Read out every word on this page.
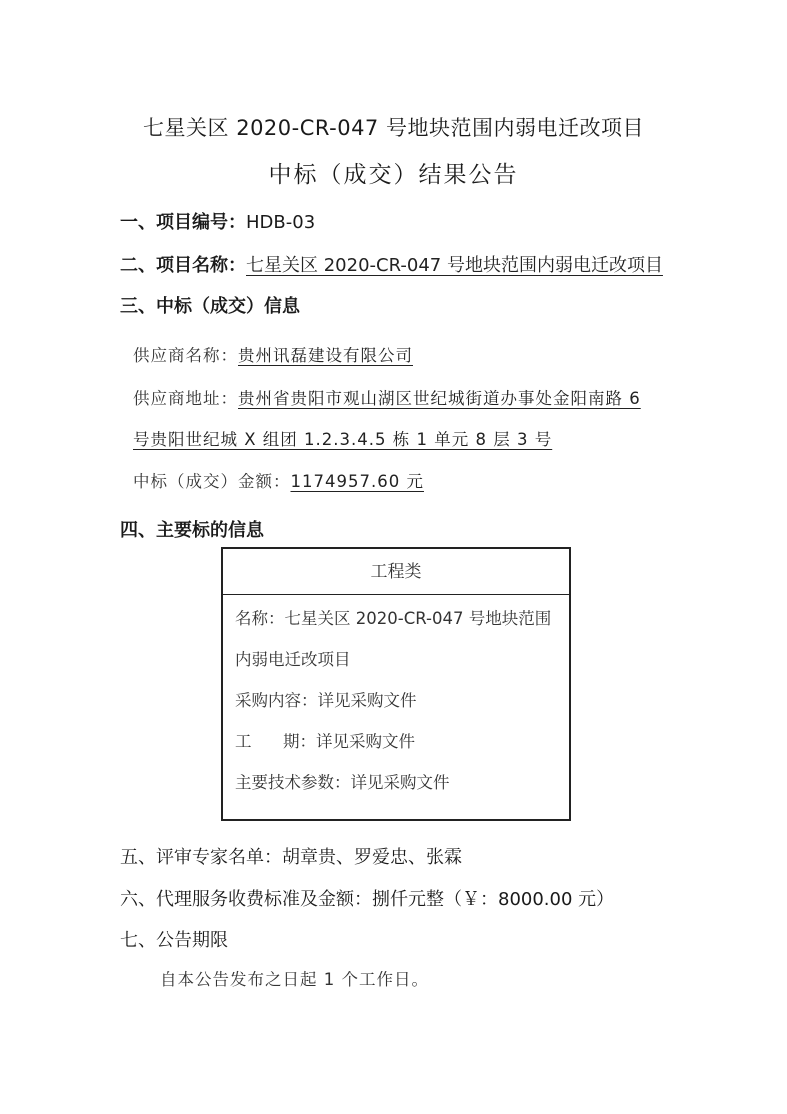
七星关区 2020-CR-047 号地块范围内弱电迁改项目
中标（成交）结果公告
一、项目编号：HDB-03
二、项目名称：七星关区 2020-CR-047 号地块范围内弱电迁改项目
三、中标（成交）信息
供应商名称：贵州讯磊建设有限公司
供应商地址：贵州省贵阳市观山湖区世纪城街道办事处金阳南路 6
号贵阳世纪城 X 组团 1.2.3.4.5 栋 1 单元 8 层 3 号
中标（成交）金额：1174957.60 元
四、主要标的信息
工程类
名称：七星关区 2020-CR-047 号地块范围
内弱电迁改项目
采购内容：详见采购文件
工      期：详见采购文件
主要技术参数：详见采购文件
五、评审专家名单：胡章贵、罗爱忠、张霖
六、代理服务收费标准及金额：捌仟元整（￥：8000.00 元）
七、公告期限
自本公告发布之日起 1 个工作日。
